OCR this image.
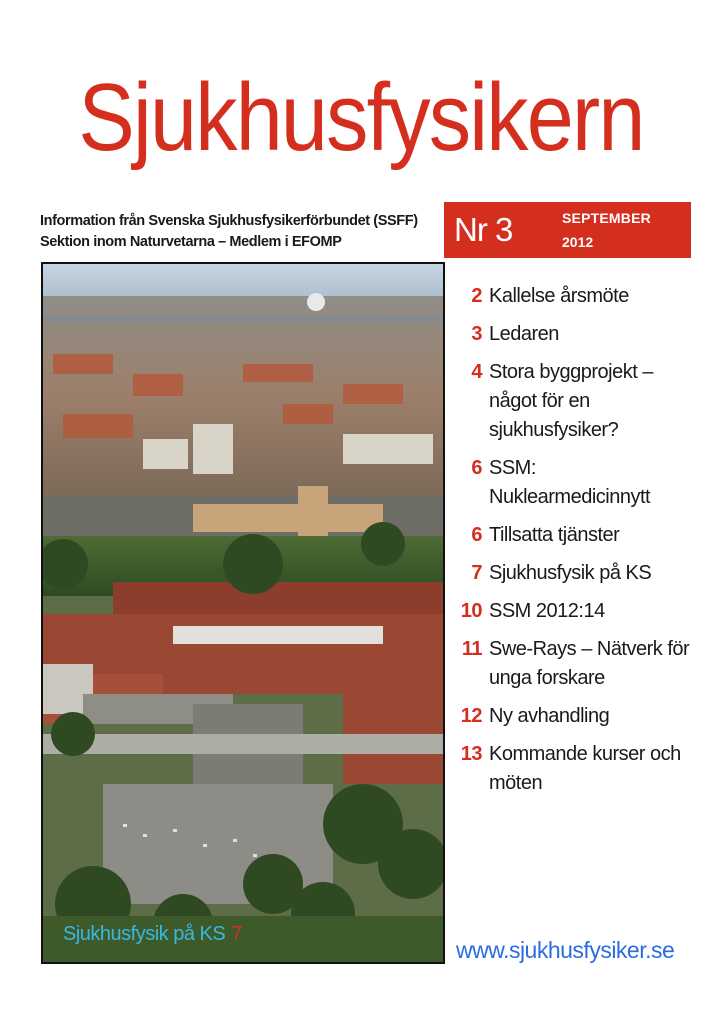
Sjukhusfysikern
Information från Svenska Sjukhusfysikerförbundet (SSFF)
Sektion inom Naturvetarna – Medlem i EFOMP	Nr 3	SEPTEMBER
2012
Sjukhusfysik på KS 7
2 Kallelse årsmöte
3 Ledaren
4 Stora byggprojekt – något för en sjukhusfysiker?
6 SSM: Nuklearmedicinnytt
6 Tillsatta tjänster
7 Sjukhusfysik på KS
10 SSM 2012:14
11 Swe-Rays – Nätverk för unga forskare
12 Ny avhandling
13 Kommande kurser och möten
www.sjukhusfysiker.se
